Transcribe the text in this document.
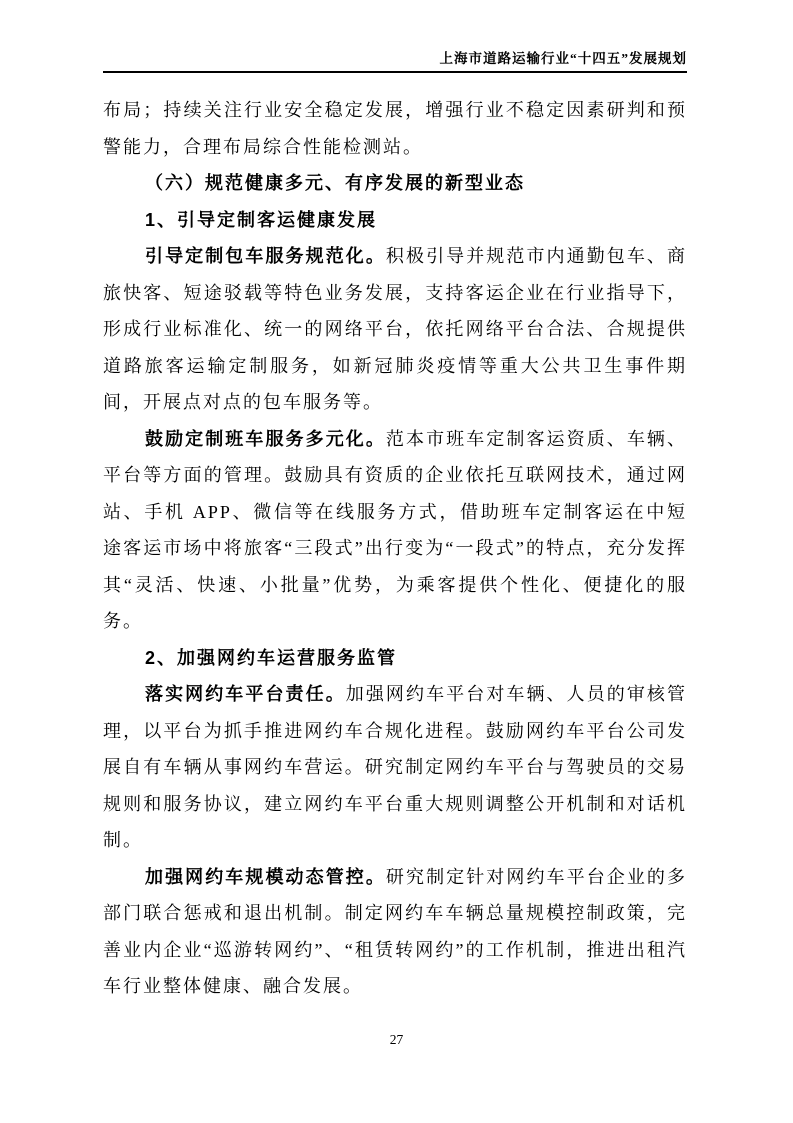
上海市道路运输行业“十四五”发展规划

布局；持续关注行业安全稳定发展，增强行业不稳定因素研判和预警能力，合理布局综合性能检测站。

（六）规范健康多元、有序发展的新型业态
1、引导定制客运健康发展

引导定制包车服务规范化。积极引导并规范市内通勤包车、商旅快客、短途驳载等特色业务发展，支持客运企业在行业指导下，形成行业标准化、统一的网络平台，依托网络平台合法、合规提供道路旅客运输定制服务，如新冠肺炎疫情等重大公共卫生事件期间，开展点对点的包车服务等。

鼓励定制班车服务多元化。范本市班车定制客运资质、车辆、平台等方面的管理。鼓励具有资质的企业依托互联网技术，通过网站、手机 APP、微信等在线服务方式，借助班车定制客运在中短途客运市场中将旅客“三段式”出行变为“一段式”的特点，充分发挥其“灵活、快速、小批量”优势，为乘客提供个性化、便捷化的服务。

2、加强网约车运营服务监管

落实网约车平台责任。加强网约车平台对车辆、人员的审核管理，以平台为抓手推进网约车合规化进程。鼓励网约车平台公司发展自有车辆从事网约车营运。研究制定网约车平台与驾驶员的交易规则和服务协议，建立网约车平台重大规则调整公开机制和对话机制。

加强网约车规模动态管控。研究制定针对网约车平台企业的多部门联合惩戒和退出机制。制定网约车车辆总量规模控制政策，完善业内企业“巡游转网约”、“租赁转网约”的工作机制，推进出租汽车行业整体健康、融合发展。

27
